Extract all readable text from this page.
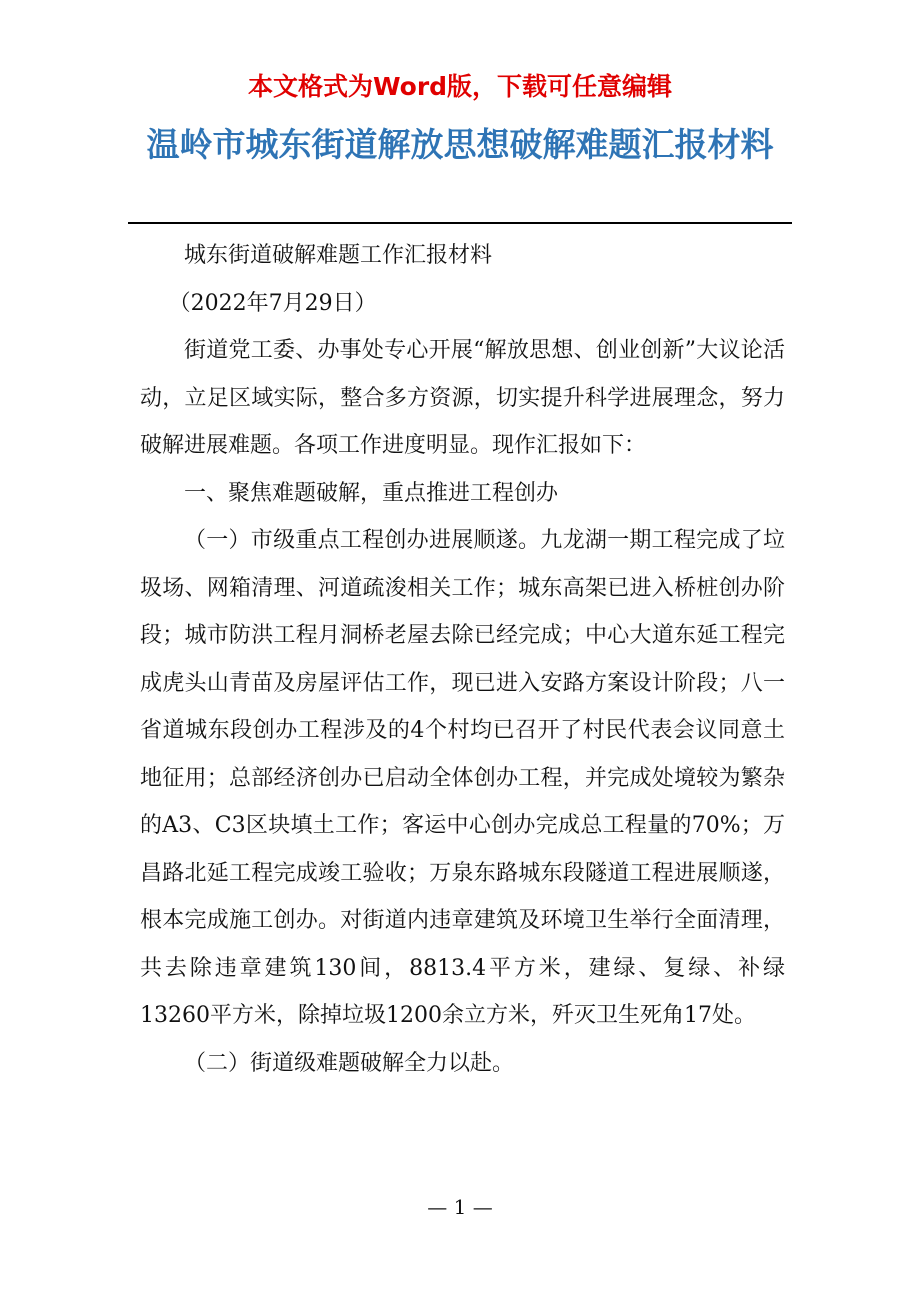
本文格式为Word版，下载可任意编辑
温岭市城东街道解放思想破解难题汇报材料

城东街道破解难题工作汇报材料

（2022年7月29日）

街道党工委、办事处专心开展“解放思想、创业创新”大议论活动，立足区域实际，整合多方资源，切实提升科学进展理念，努力破解进展难题。各项工作进度明显。现作汇报如下：

一、聚焦难题破解，重点推进工程创办

（一）市级重点工程创办进展顺遂。九龙湖一期工程完成了垃圾场、网箱清理、河道疏浚相关工作；城东高架已进入桥桩创办阶段；城市防洪工程月洞桥老屋去除已经完成；中心大道东延工程完成虎头山青苗及房屋评估工作，现已进入安路方案设计阶段；八一省道城东段创办工程涉及的4个村均已召开了村民代表会议同意土地征用；总部经济创办已启动全体创办工程，并完成处境较为繁杂的A3、C3区块填土工作；客运中心创办完成总工程量的70%；万昌路北延工程完成竣工验收；万泉东路城东段隧道工程进展顺遂，根本完成施工创办。对街道内违章建筑及环境卫生举行全面清理，共去除违章建筑130间，8813.4平方米，建绿、复绿、补绿13260平方米，除掉垃圾1200余立方米，歼灭卫生死角17处。

（二）街道级难题破解全力以赴。

— 1 —
